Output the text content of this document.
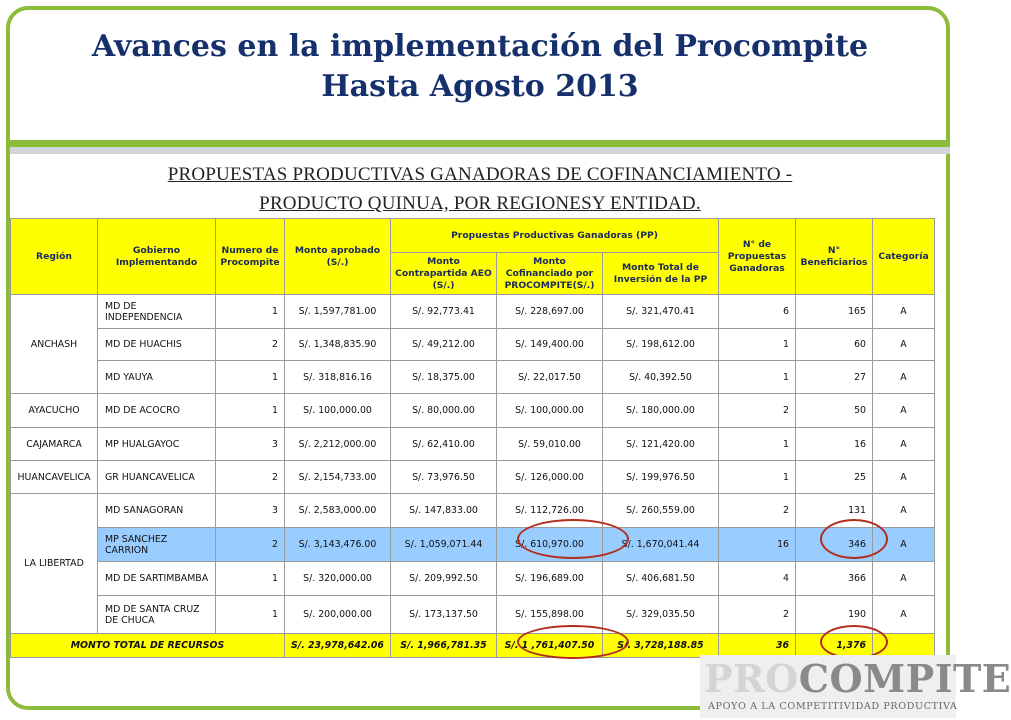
Avances en la implementación del Procompite
Hasta Agosto 2013
PROPUESTAS PRODUCTIVAS GANADORAS DE COFINANCIAMIENTO -
PRODUCTO QUINUA, POR REGIONESY ENTIDAD.
Región	Gobierno Implementando	Numero de Procompite	Monto aprobado (S/.)	Propuestas Productivas Ganadoras (PP)			N° de Propuestas Ganadoras	N° Beneficiarios	Categoría
				Monto Contrapartida AEO (S/.)	Monto Cofinanciado por PROCOMPITE(S/.)	Monto Total de Inversión de la PP			
ANCHASH	MD DE INDEPENDENCIA	1	S/. 1,597,781.00	S/. 92,773.41	S/. 228,697.00	S/. 321,470.41	6	165	A
	MD DE HUACHIS	2	S/. 1,348,835.90	S/. 49,212.00	S/. 149,400.00	S/. 198,612.00	1	60	A
	MD YAUYA	1	S/. 318,816.16	S/. 18,375.00	S/. 22,017.50	S/. 40,392.50	1	27	A
AYACUCHO	MD DE ACOCRO	1	S/. 100,000.00	S/. 80,000.00	S/. 100,000.00	S/. 180,000.00	2	50	A
CAJAMARCA	MP HUALGAYOC	3	S/. 2,212,000.00	S/. 62,410.00	S/. 59,010.00	S/. 121,420.00	1	16	A
HUANCAVELICA	GR HUANCAVELICA	2	S/. 2,154,733.00	S/. 73,976.50	S/. 126,000.00	S/. 199,976.50	1	25	A
LA LIBERTAD	MD SANAGORAN	3	S/. 2,583,000.00	S/. 147,833.00	S/. 112,726.00	S/. 260,559.00	2	131	A
	MP SANCHEZ CARRION	2	S/. 3,143,476.00	S/. 1,059,071.44	S/. 610,970.00	S/. 1,670,041.44	16	346	A
	MD DE SARTIMBAMBA	1	S/. 320,000.00	S/. 209,992.50	S/. 196,689.00	S/. 406,681.50	4	366	A
	MD DE SANTA CRUZ DE CHUCA	1	S/. 200,000.00	S/. 173,137.50	S/. 155,898.00	S/. 329,035.50	2	190	A
MONTO TOTAL DE RECURSOS			S/. 23,978,642.06	S/. 1,966,781.35	S/. 1 ,761,407.50	S/. 3,728,188.85	36	1,376	
PROCOMPITE
APOYO A LA COMPETITIVIDAD PRODUCTIVA
